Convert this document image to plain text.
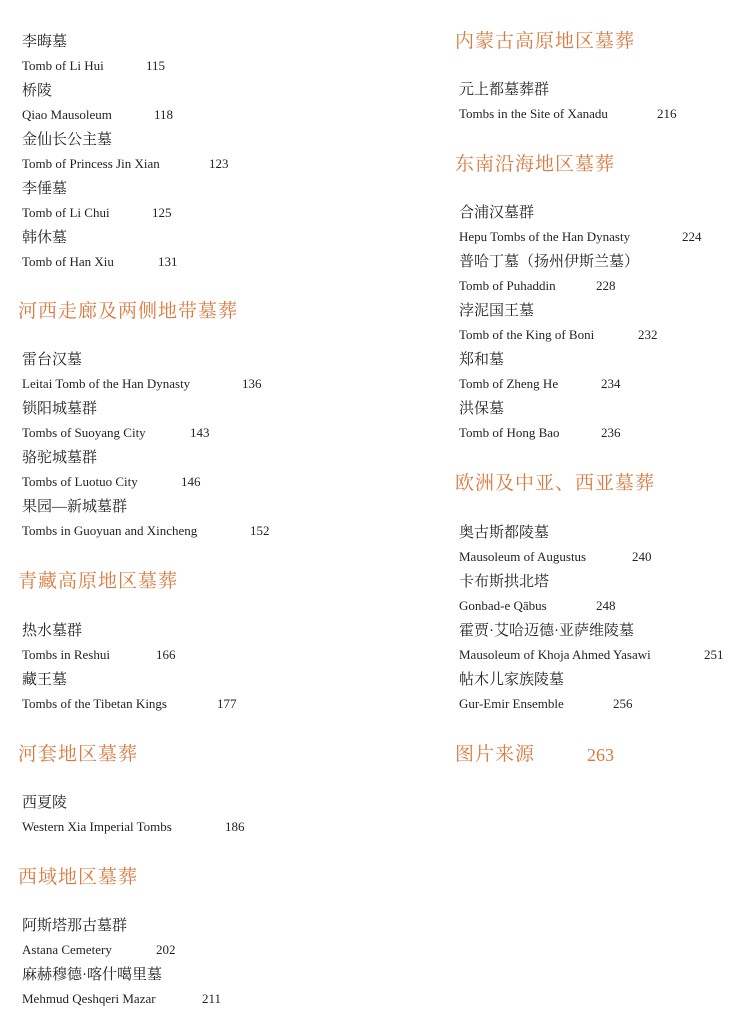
李晦墓
Tomb of Li Hui	115
桥陵
Qiao Mausoleum	118
金仙长公主墓
Tomb of Princess Jin Xian	123
李倕墓
Tomb of Li Chui	125
韩休墓
Tomb of Han Xiu	131
河西走廊及两侧地带墓葬
雷台汉墓
Leitai Tomb of the Han Dynasty	136
锁阳城墓群
Tombs of Suoyang City	143
骆驼城墓群
Tombs of Luotuo City	146
果园—新城墓群
Tombs in Guoyuan and Xincheng	152
青藏高原地区墓葬
热水墓群
Tombs in Reshui	166
藏王墓
Tombs of the Tibetan Kings	177
河套地区墓葬
西夏陵
Western Xia Imperial Tombs	186
西域地区墓葬
阿斯塔那古墓群
Astana Cemetery	202
麻赫穆德·喀什噶里墓
Mehmud Qeshqeri Mazar	211
内蒙古高原地区墓葬
元上都墓葬群
Tombs in the Site of Xanadu	216
东南沿海地区墓葬
合浦汉墓群
Hepu Tombs of the Han Dynasty	224
普哈丁墓（扬州伊斯兰墓）
Tomb of Puhaddin	228
浡泥国王墓
Tomb of the King of Boni	232
郑和墓
Tomb of Zheng He	234
洪保墓
Tomb of Hong Bao	236
欧洲及中亚、西亚墓葬
奥古斯都陵墓
Mausoleum of Augustus	240
卡布斯拱北塔
Gonbad-e Qābus	248
霍贾·艾哈迈德·亚萨维陵墓
Mausoleum of Khoja Ahmed Yasawi	251
帖木儿家族陵墓
Gur-Emir Ensemble	256
图片来源	263
